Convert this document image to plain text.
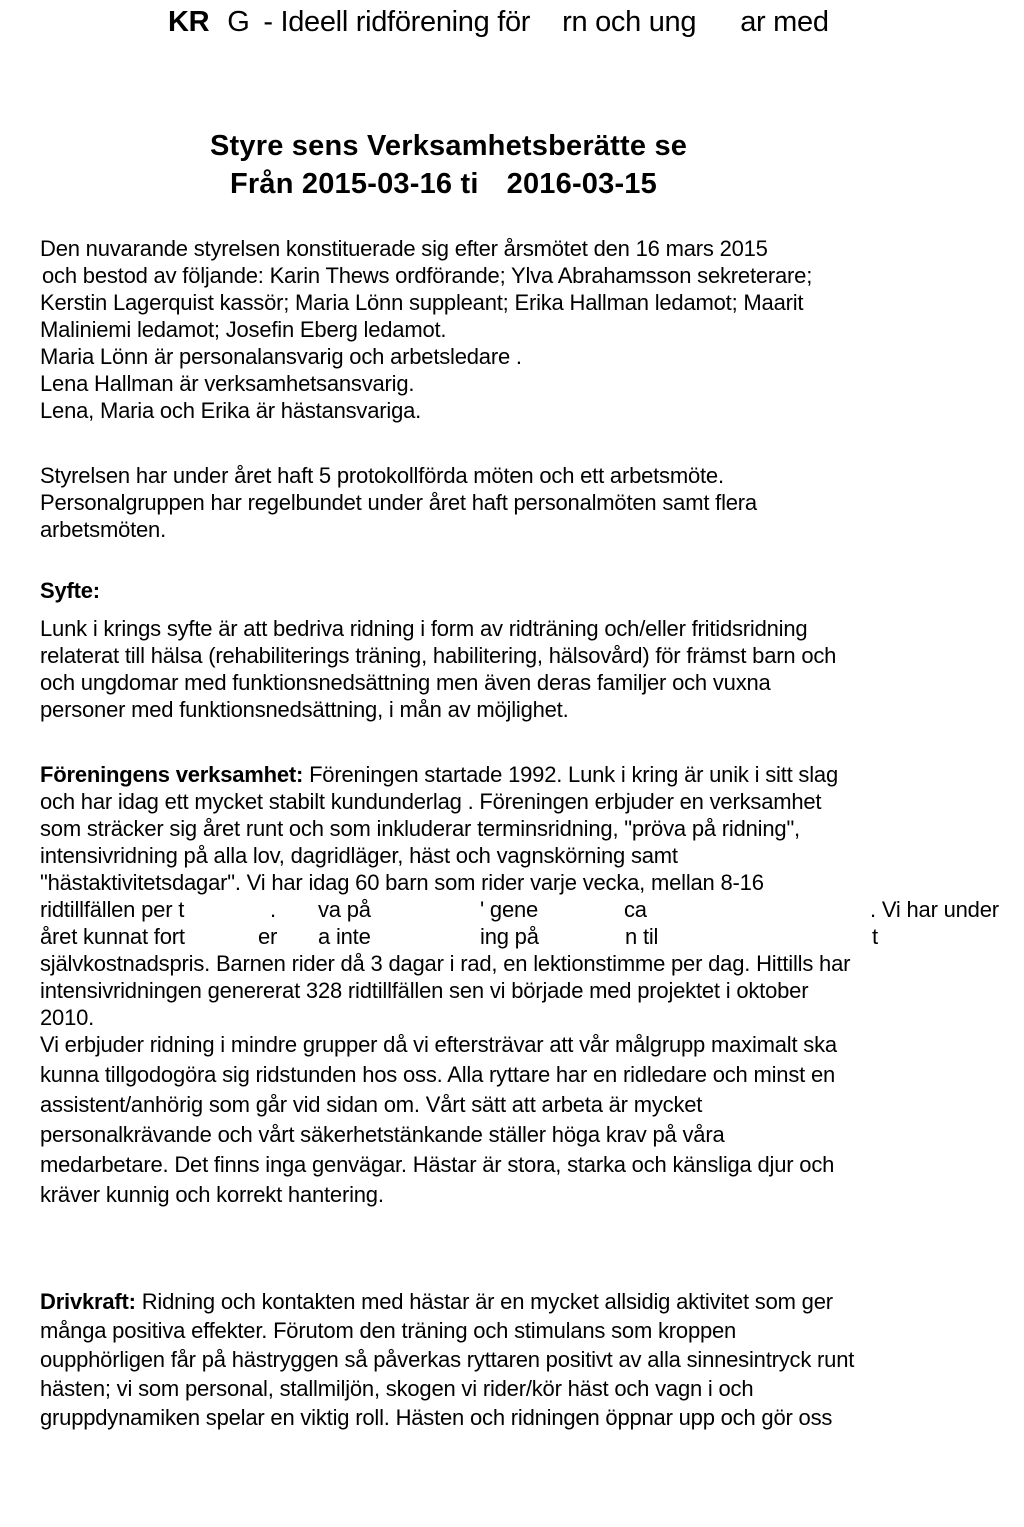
KR G - Ideell ridförening för rn och ung ar med
Styre sens Verksamhetsberätte se
Från 2015-03-16 ti 2016-03-15
Den nuvarande styrelsen konstituerade sig efter årsmötet den 16 mars 2015
och bestod av följande: Karin Thews ordförande; Ylva Abrahamsson sekreterare;
Kerstin Lagerquist kassör; Maria Lönn suppleant; Erika Hallman ledamot; Maarit
Maliniemi ledamot; Josefin Eberg ledamot.
Maria Lönn är personalansvarig och arbetsledare .
Lena Hallman är verksamhetsansvarig.
Lena, Maria och Erika är hästansvariga.
Styrelsen har under året haft 5 protokollförda möten och ett arbetsmöte.
Personalgruppen har regelbundet under året haft personalmöten samt flera
arbetsmöten.
Syfte:
Lunk i krings syfte är att bedriva ridning i form av ridträning och/eller fritidsridning
relaterat till hälsa (rehabiliterings träning, habilitering, hälsovård) för främst barn och
och ungdomar med funktionsnedsättning men även deras familjer och vuxna
personer med funktionsnedsättning, i mån av möjlighet.
Föreningens verksamhet: Föreningen startade 1992. Lunk i kring är unik i sitt slag
och har idag ett mycket stabilt kundunderlag . Föreningen erbjuder en verksamhet
som sträcker sig året runt och som inkluderar terminsridning, "pröva på ridning",
intensivridning på alla lov, dagridläger, häst och vagnskörning samt
"hästaktivitetsdagar". Vi har idag 60 barn som rider varje vecka, mellan 8-16
ridtillfällen per t	. va på	' gene	ca	. Vi har under
året kunnat fort	er a inte	ing på	n til	t
självkostnadspris. Barnen rider då 3 dagar i rad, en lektionstimme per dag. Hittills har
intensivridningen genererat 328 ridtillfällen sen vi började med projektet i oktober
2010.
Vi erbjuder ridning i mindre grupper då vi eftersträvar att vår målgrupp maximalt ska
kunna tillgodogöra sig ridstunden hos oss. Alla ryttare har en ridledare och minst en
assistent/anhörig som går vid sidan om. Vårt sätt att arbeta är mycket
personalkrävande och vårt säkerhetstänkande ställer höga krav på våra
medarbetare. Det finns inga genvägar. Hästar är stora, starka och känsliga djur och
kräver kunnig och korrekt hantering.
Drivkraft: Ridning och kontakten med hästar är en mycket allsidig aktivitet som ger
många positiva effekter. Förutom den träning och stimulans som kroppen
oupphörligen får på hästryggen så påverkas ryttaren positivt av alla sinnesintryck runt
hästen; vi som personal, stallmiljön, skogen vi rider/kör häst och vagn i och
gruppdynamiken spelar en viktig roll. Hästen och ridningen öppnar upp och gör oss
